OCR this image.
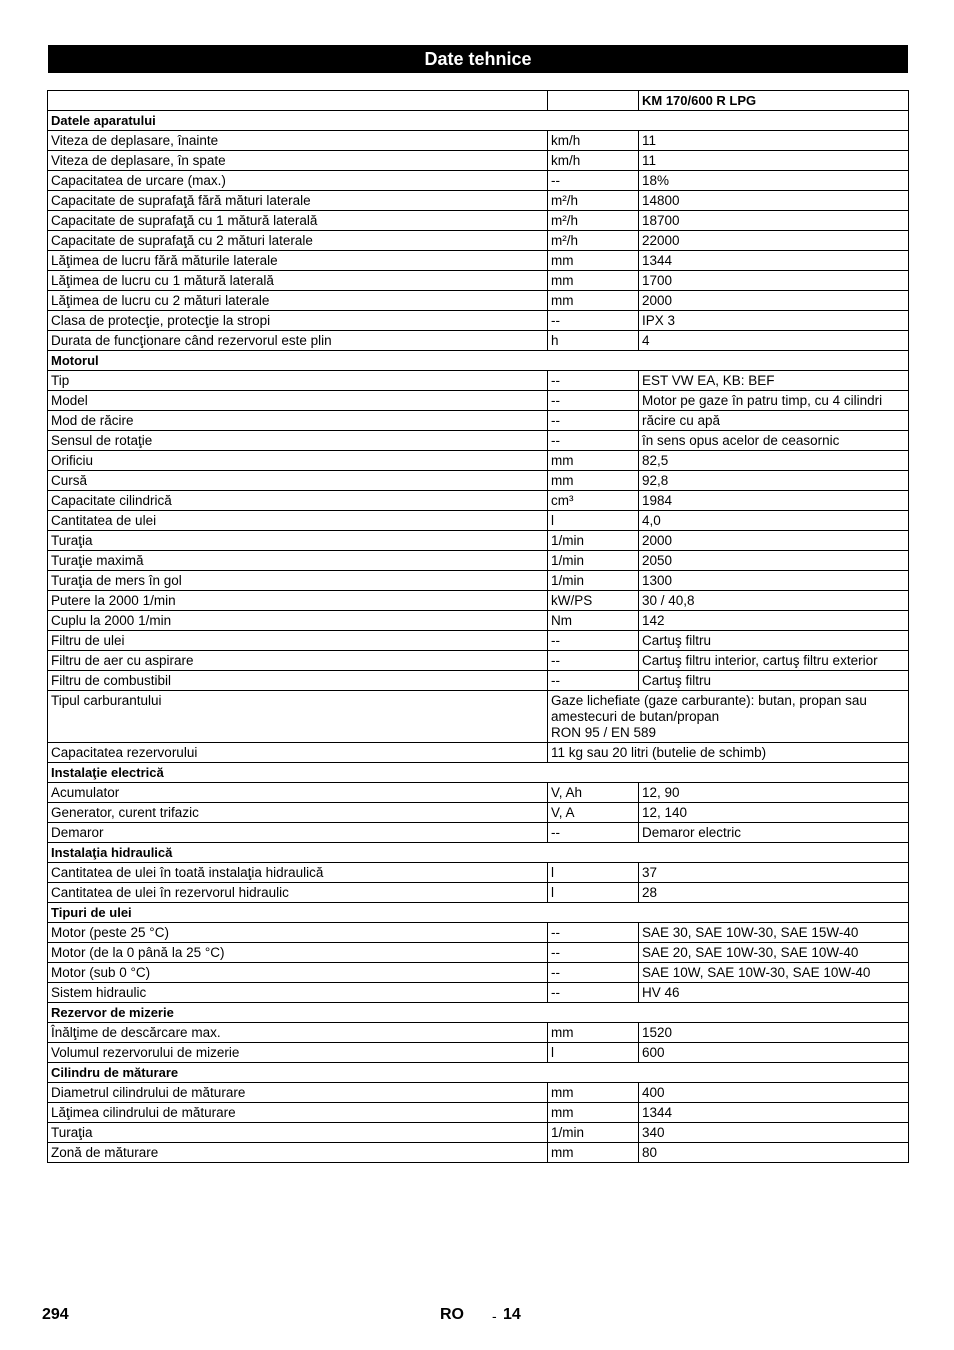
Date tehnice
		KM 170/600 R LPG
Datele aparatului		
Viteza de deplasare, înainte	km/h	11
Viteza de deplasare, în spate	km/h	11
Capacitatea de urcare (max.)	--	18%
Capacitate de suprafaţă fără mături laterale	m²/h	14800
Capacitate de suprafaţă cu 1 mătură laterală	m²/h	18700
Capacitate de suprafaţă cu 2 mături laterale	m²/h	22000
Lăţimea de lucru fără măturile laterale	mm	1344
Lăţimea de lucru cu 1 mătură laterală	mm	1700
Lăţimea de lucru cu 2 mături laterale	mm	2000
Clasa de protecţie, protecţie la stropi	--	IPX 3
Durata de funcţionare când rezervorul este plin	h	4
Motorul		
Tip	--	EST VW EA, KB: BEF
Model	--	Motor pe gaze în patru timp, cu 4 cilindri
Mod de răcire	--	răcire cu apă
Sensul de rotaţie	--	în sens opus acelor de ceasornic
Orificiu	mm	82,5
Cursă	mm	92,8
Capacitate cilindrică	cm³	1984
Cantitatea de ulei	l	4,0
Turaţia	1/min	2000
Turaţie maximă	1/min	2050
Turaţia de mers în gol	1/min	1300
Putere la 2000 1/min	kW/PS	30 / 40,8
Cuplu la 2000 1/min	Nm	142
Filtru de ulei	--	Cartuş filtru
Filtru de aer cu aspirare	--	Cartuş filtru interior, cartuş filtru exterior
Filtru de combustibil	--	Cartuş filtru
Tipul carburantului	Gaze lichefiate (gaze carburante): butan, propan sau amestecuri de butan/propan
RON 95 / EN 589	
Capacitatea rezervorului	11 kg sau 20 litri (butelie de schimb)	
Instalaţie electrică		
Acumulator	V, Ah	12, 90
Generator, curent trifazic	V, A	12, 140
Demaror	--	Demaror electric
Instalaţia hidraulică		
Cantitatea de ulei în toată instalaţia hidraulică	l	37
Cantitatea de ulei în rezervorul hidraulic	l	28
Tipuri de ulei		
Motor (peste 25 °C)	--	SAE 30, SAE 10W-30, SAE 15W-40
Motor (de la 0 până la 25 °C)	--	SAE 20, SAE 10W-30, SAE 10W-40
Motor (sub 0 °C)	--	SAE 10W, SAE 10W-30, SAE 10W-40
Sistem hidraulic	--	HV 46
Rezervor de mizerie		
Înălţime de descărcare max.	mm	1520
Volumul rezervorului de mizerie	l	600
Cilindru de măturare		
Diametrul cilindrului de măturare	mm	400
Lăţimea cilindrului de măturare	mm	1344
Turaţia	1/min	340
Zonă de măturare	mm	80
294	RO - 14
